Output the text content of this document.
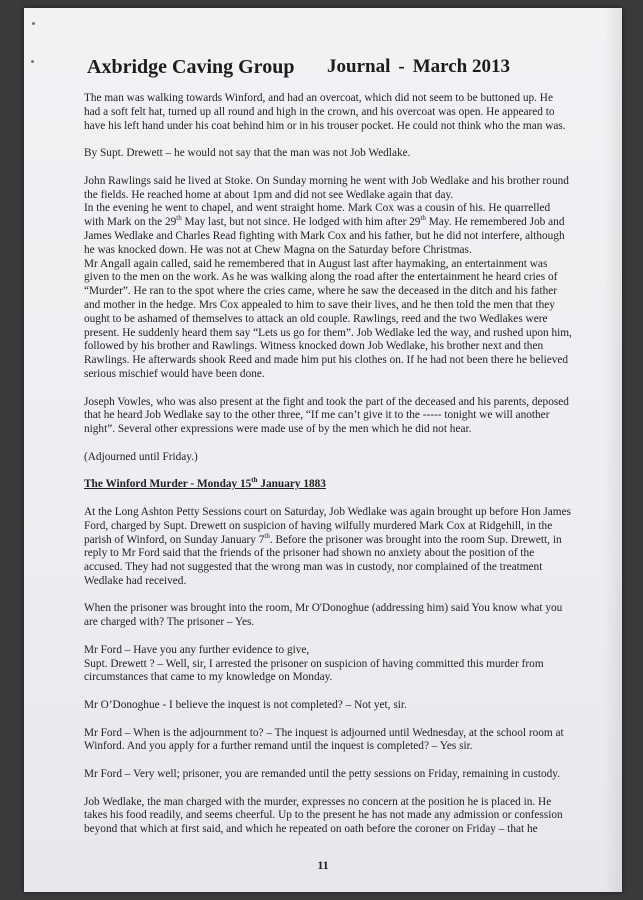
Axbridge Caving Group Journal - March 2013

The man was walking towards Winford, and had an overcoat, which did not seem to be buttoned up. He had a soft felt hat, turned up all round and high in the crown, and his overcoat was open. He appeared to have his left hand under his coat behind him or in his trouser pocket. He could not think who the man was.

By Supt. Drewett – he would not say that the man was not Job Wedlake.

John Rawlings said he lived at Stoke. On Sunday morning he went with Job Wedlake and his brother round the fields. He reached home at about 1pm and did not see Wedlake again that day.
In the evening he went to chapel, and went straight home. Mark Cox was a cousin of his. He quarrelled with Mark on the 29th May last, but not since. He lodged with him after 29th May. He remembered Job and James Wedlake and Charles Read fighting with Mark Cox and his father, but he did not interfere, although he was knocked down. He was not at Chew Magna on the Saturday before Christmas.
Mr Angall again called, said he remembered that in August last after haymaking, an entertainment was given to the men on the work. As he was walking along the road after the entertainment he heard cries of “Murder”. He ran to the spot where the cries came, where he saw the deceased in the ditch and his father and mother in the hedge. Mrs Cox appealed to him to save their lives, and he then told the men that they ought to be ashamed of themselves to attack an old couple. Rawlings, reed and the two Wedlakes were present. He suddenly heard them say “Lets us go for them”. Job Wedlake led the way, and rushed upon him, followed by his brother and Rawlings. Witness knocked down Job Wedlake, his brother next and then Rawlings. He afterwards shook Reed and made him put his clothes on. If he had not been there he believed serious mischief would have been done.

Joseph Vowles, who was also present at the fight and took the part of the deceased and his parents, deposed that he heard Job Wedlake say to the other three, “If me can’t give it to the ----- tonight we will another night”. Several other expressions were made use of by the men which he did not hear.

(Adjourned until Friday.)

The Winford Murder - Monday 15th January 1883

At the Long Ashton Petty Sessions court on Saturday, Job Wedlake was again brought up before Hon James Ford, charged by Supt. Drewett on suspicion of having wilfully murdered Mark Cox at Ridgehill, in the parish of Winford, on Sunday January 7th. Before the prisoner was brought into the room Sup. Drewett, in reply to Mr Ford said that the friends of the prisoner had shown no anxiety about the position of the accused. They had not suggested that the wrong man was in custody, nor complained of the treatment Wedlake had received.

When the prisoner was brought into the room, Mr O'Donoghue (addressing him) said You know what you are charged with? The prisoner – Yes.

Mr Ford – Have you any further evidence to give,
Supt. Drewett ? – Well, sir, I arrested the prisoner on suspicion of having committed this murder from circumstances that came to my knowledge on Monday.

Mr O’Donoghue - I believe the inquest is not completed? – Not yet, sir.

Mr Ford – When is the adjournment to? – The inquest is adjourned until Wednesday, at the school room at Winford. And you apply for a further remand until the inquest is completed? – Yes sir.

Mr Ford – Very well; prisoner, you are remanded until the petty sessions on Friday, remaining in custody.

Job Wedlake, the man charged with the murder, expresses no concern at the position he is placed in. He takes his food readily, and seems cheerful. Up to the present he has not made any admission or confession beyond that which at first said, and which he repeated on oath before the coroner on Friday – that he

11
